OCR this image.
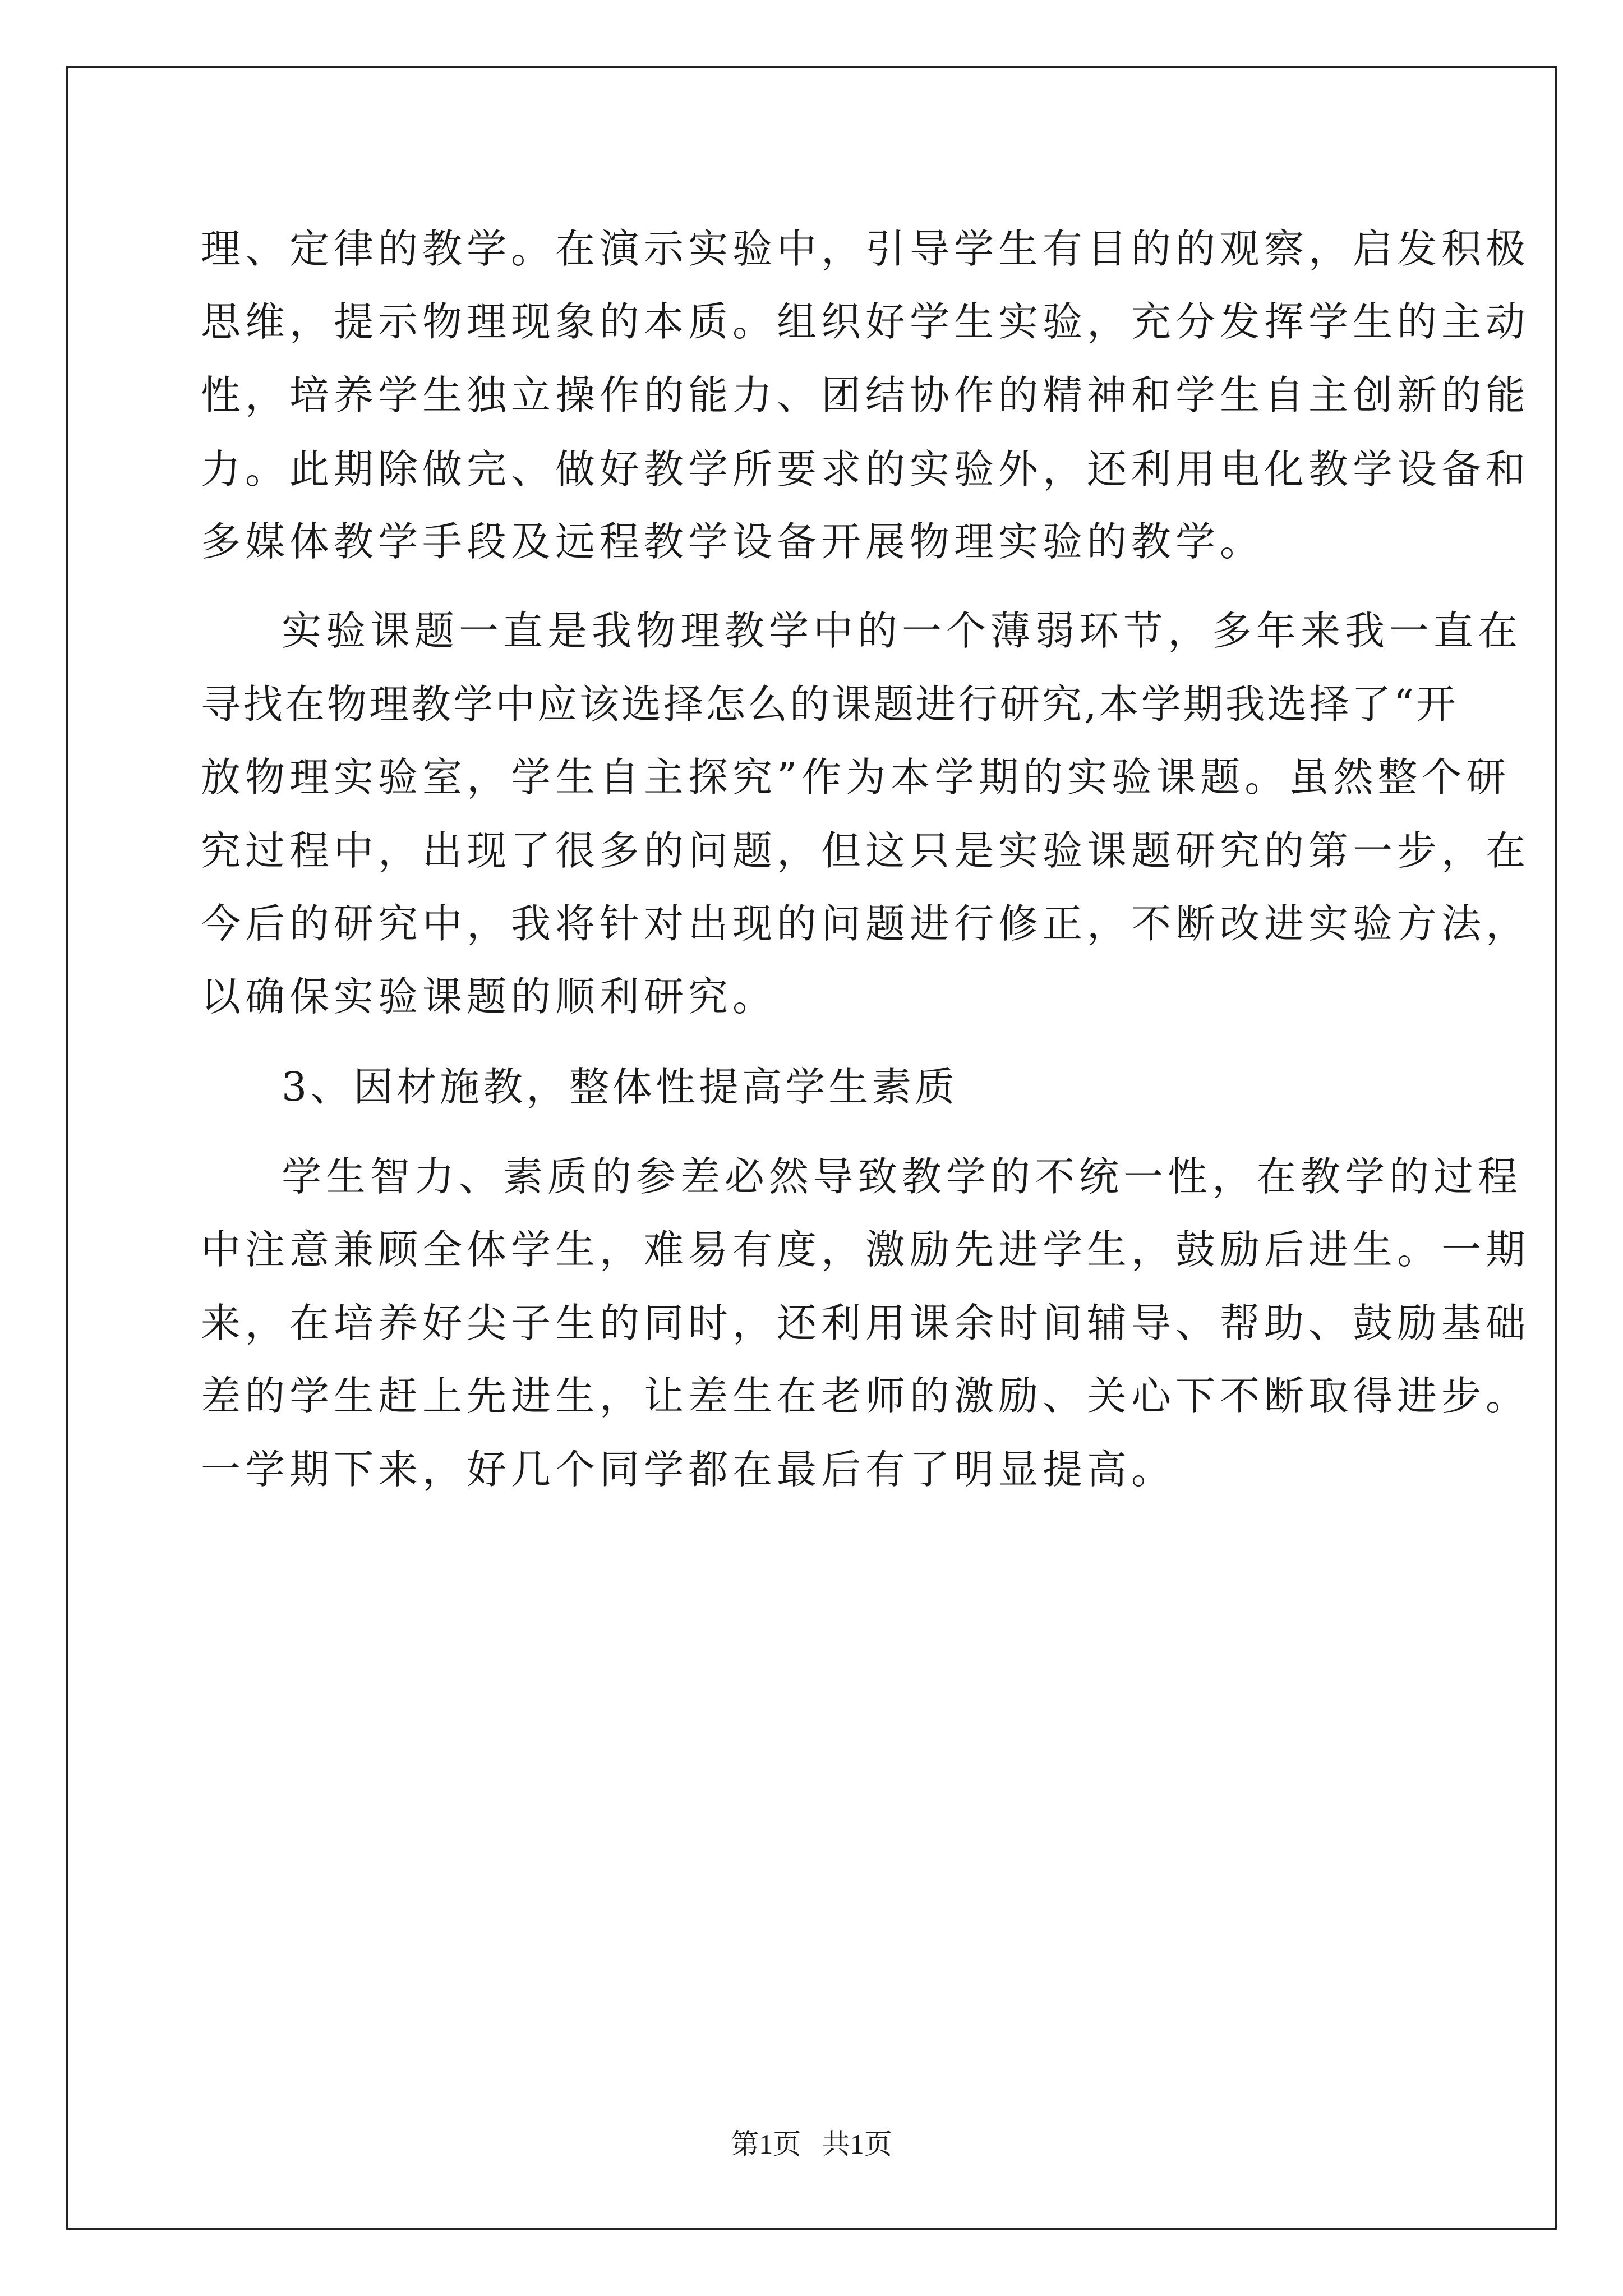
理、定律的教学。在演示实验中，引导学生有目的的观察，启发积极
思维，提示物理现象的本质。组织好学生实验，充分发挥学生的主动
性，培养学生独立操作的能力、团结协作的精神和学生自主创新的能
力。此期除做完、做好教学所要求的实验外，还利用电化教学设备和
多媒体教学手段及远程教学设备开展物理实验的教学。
实验课题一直是我物理教学中的一个薄弱环节，多年来我一直在
寻找在物理教学中应该选择怎么的课题进行研究,本学期我选择了“开
放物理实验室，学生自主探究”作为本学期的实验课题。虽然整个研
究过程中，出现了很多的问题，但这只是实验课题研究的第一步，在
今后的研究中，我将针对出现的问题进行修正，不断改进实验方法，
以确保实验课题的顺利研究。
3、因材施教，整体性提高学生素质
学生智力、素质的参差必然导致教学的不统一性，在教学的过程
中注意兼顾全体学生，难易有度，激励先进学生，鼓励后进生。一期
来，在培养好尖子生的同时，还利用课余时间辅导、帮助、鼓励基础
差的学生赶上先进生，让差生在老师的激励、关心下不断取得进步。
一学期下来，好几个同学都在最后有了明显提高。
第1页   共1页
